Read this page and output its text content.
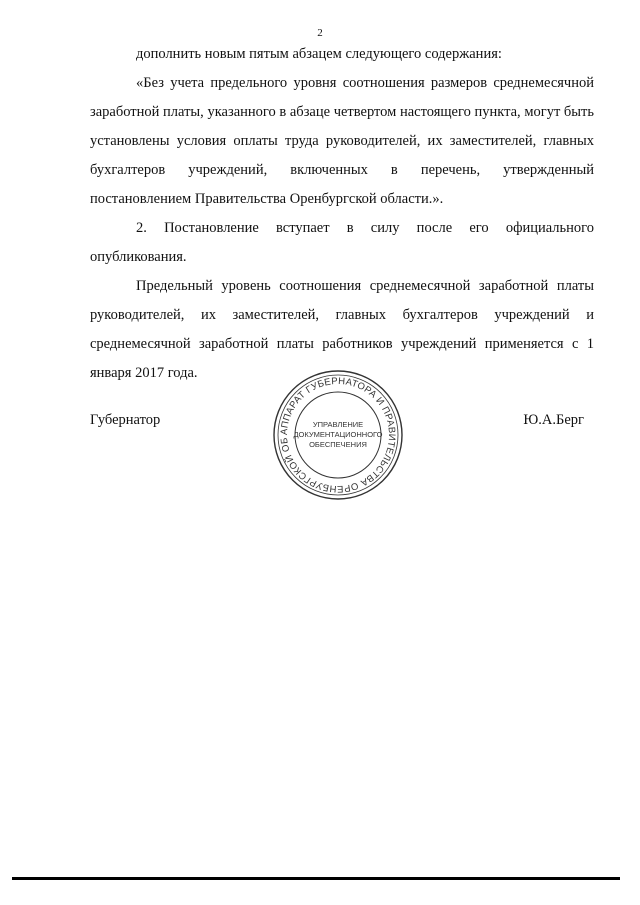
2

дополнить новым пятым абзацем следующего содержания:

«Без учета предельного уровня соотношения размеров среднемесячной заработной платы, указанного в абзаце четвертом настоящего пункта, могут быть установлены условия оплаты труда руководителей, их заместителей, главных бухгалтеров учреждений, включенных в перечень, утвержденный постановлением Правительства Оренбургской области.».

2. Постановление вступает в силу после его официального опубликования.

Предельный уровень соотношения среднемесячной заработной платы руководителей, их заместителей, главных бухгалтеров учреждений и среднемесячной заработной платы работников учреждений применяется с 1 января 2017 года.

Губернатор	Ю.А.Берг
АППАРАТ ГУБЕРНАТОРА И ПРАВИТЕЛЬСТВА ОРЕНБУРГСКОЙ ОБ
УПРАВЛЕНИЕ
ДОКУМЕНТАЦИОННОГО
ОБЕСПЕЧЕНИЯ
